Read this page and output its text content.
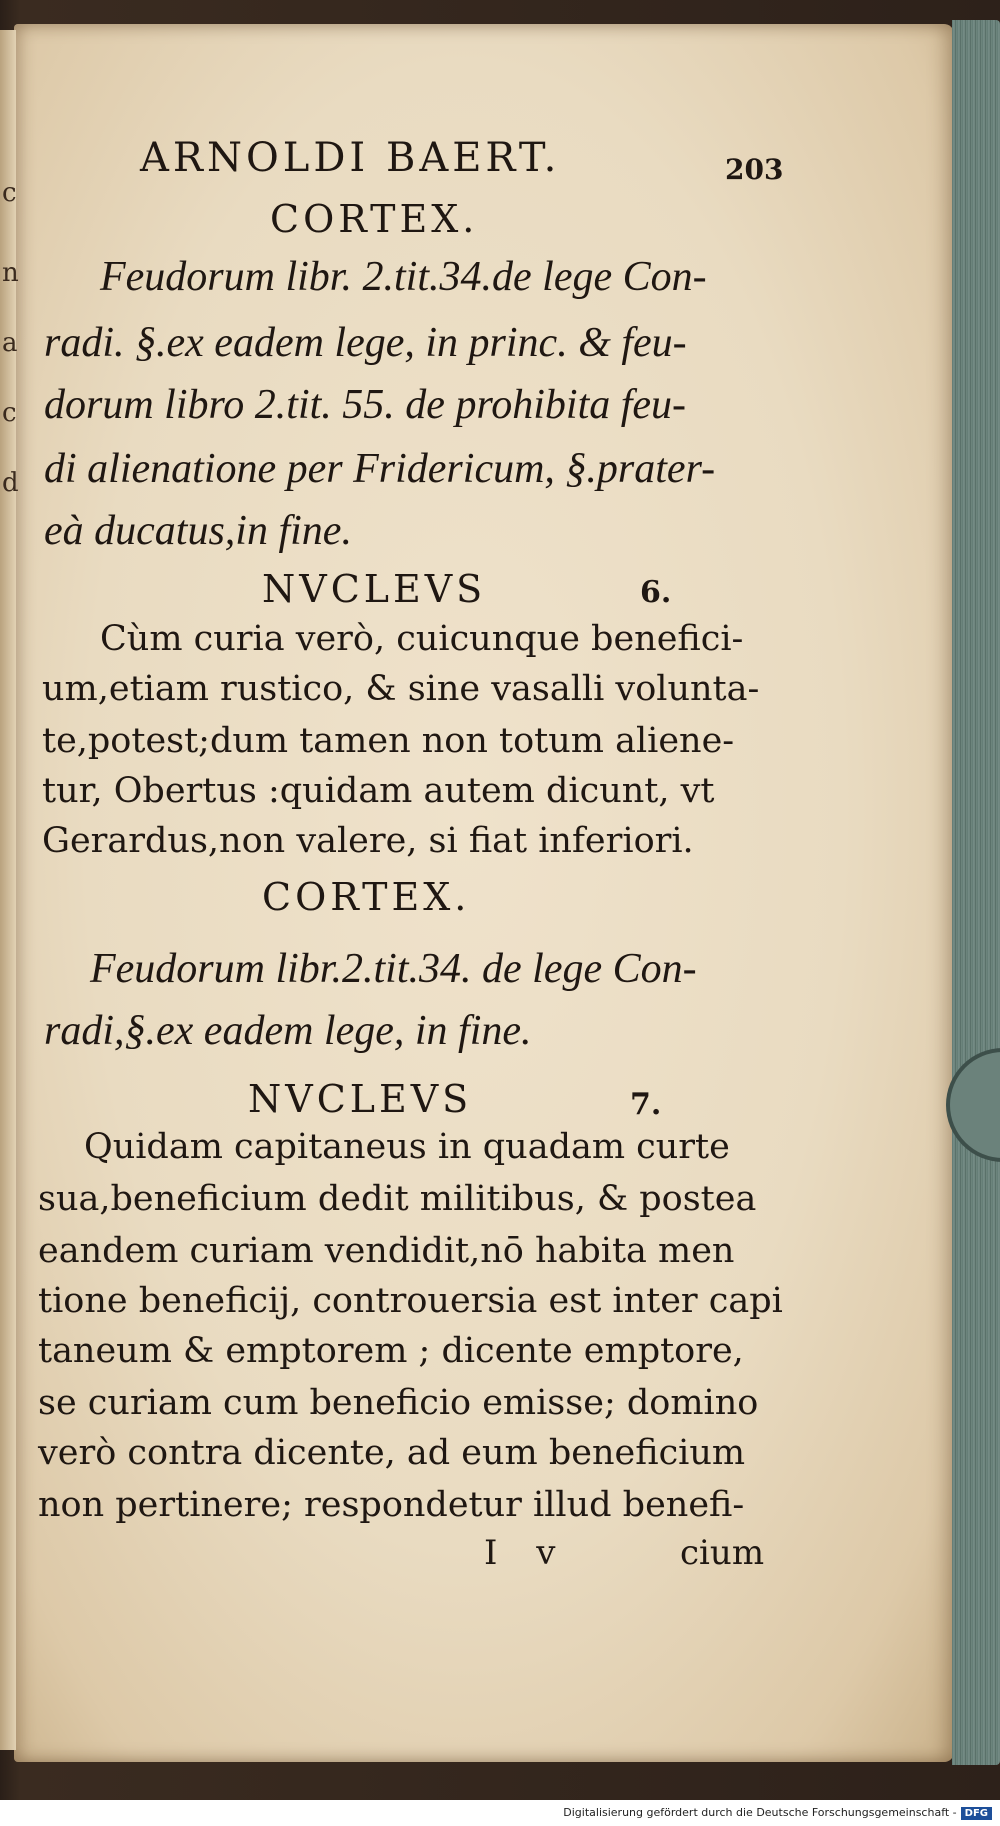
c
n
a
c
d
ARNOLDI BAERT.	203
CORTEX.
Feudorum libr. 2.tit.34.de lege Con-
radi. §.ex eadem lege, in princ. & feu-
dorum libro 2.tit. 55. de prohibita feu-
di alienatione per Fridericum, §.prater-
eà ducatus,in fine.
NVCLEVS	6.
Cùm curia verò, cuicunque benefici-
um,etiam rustico, & sine vasalli volunta-
te,potest;dum tamen non totum aliene-
tur, Obertus :quidam autem dicunt, vt
Gerardus,non valere, si fiat inferiori.
CORTEX.
Feudorum libr.2.tit.34. de lege Con-
radi,§.ex eadem lege, in fine.
NVCLEVS	7.
Quidam capitaneus in quadam curte
sua,beneficium dedit militibus, & postea
eandem curiam vendidit,nō habita men
tione beneficij, controuersia est inter capi
taneum & emptorem ; dicente emptore,
se curiam cum beneficio emisse; domino
verò contra dicente, ad eum beneficium
non pertinere; respondetur illud benefi-
I v	cium
Digitalisierung gefördert durch die Deutsche Forschungsgemeinschaft - DFG
